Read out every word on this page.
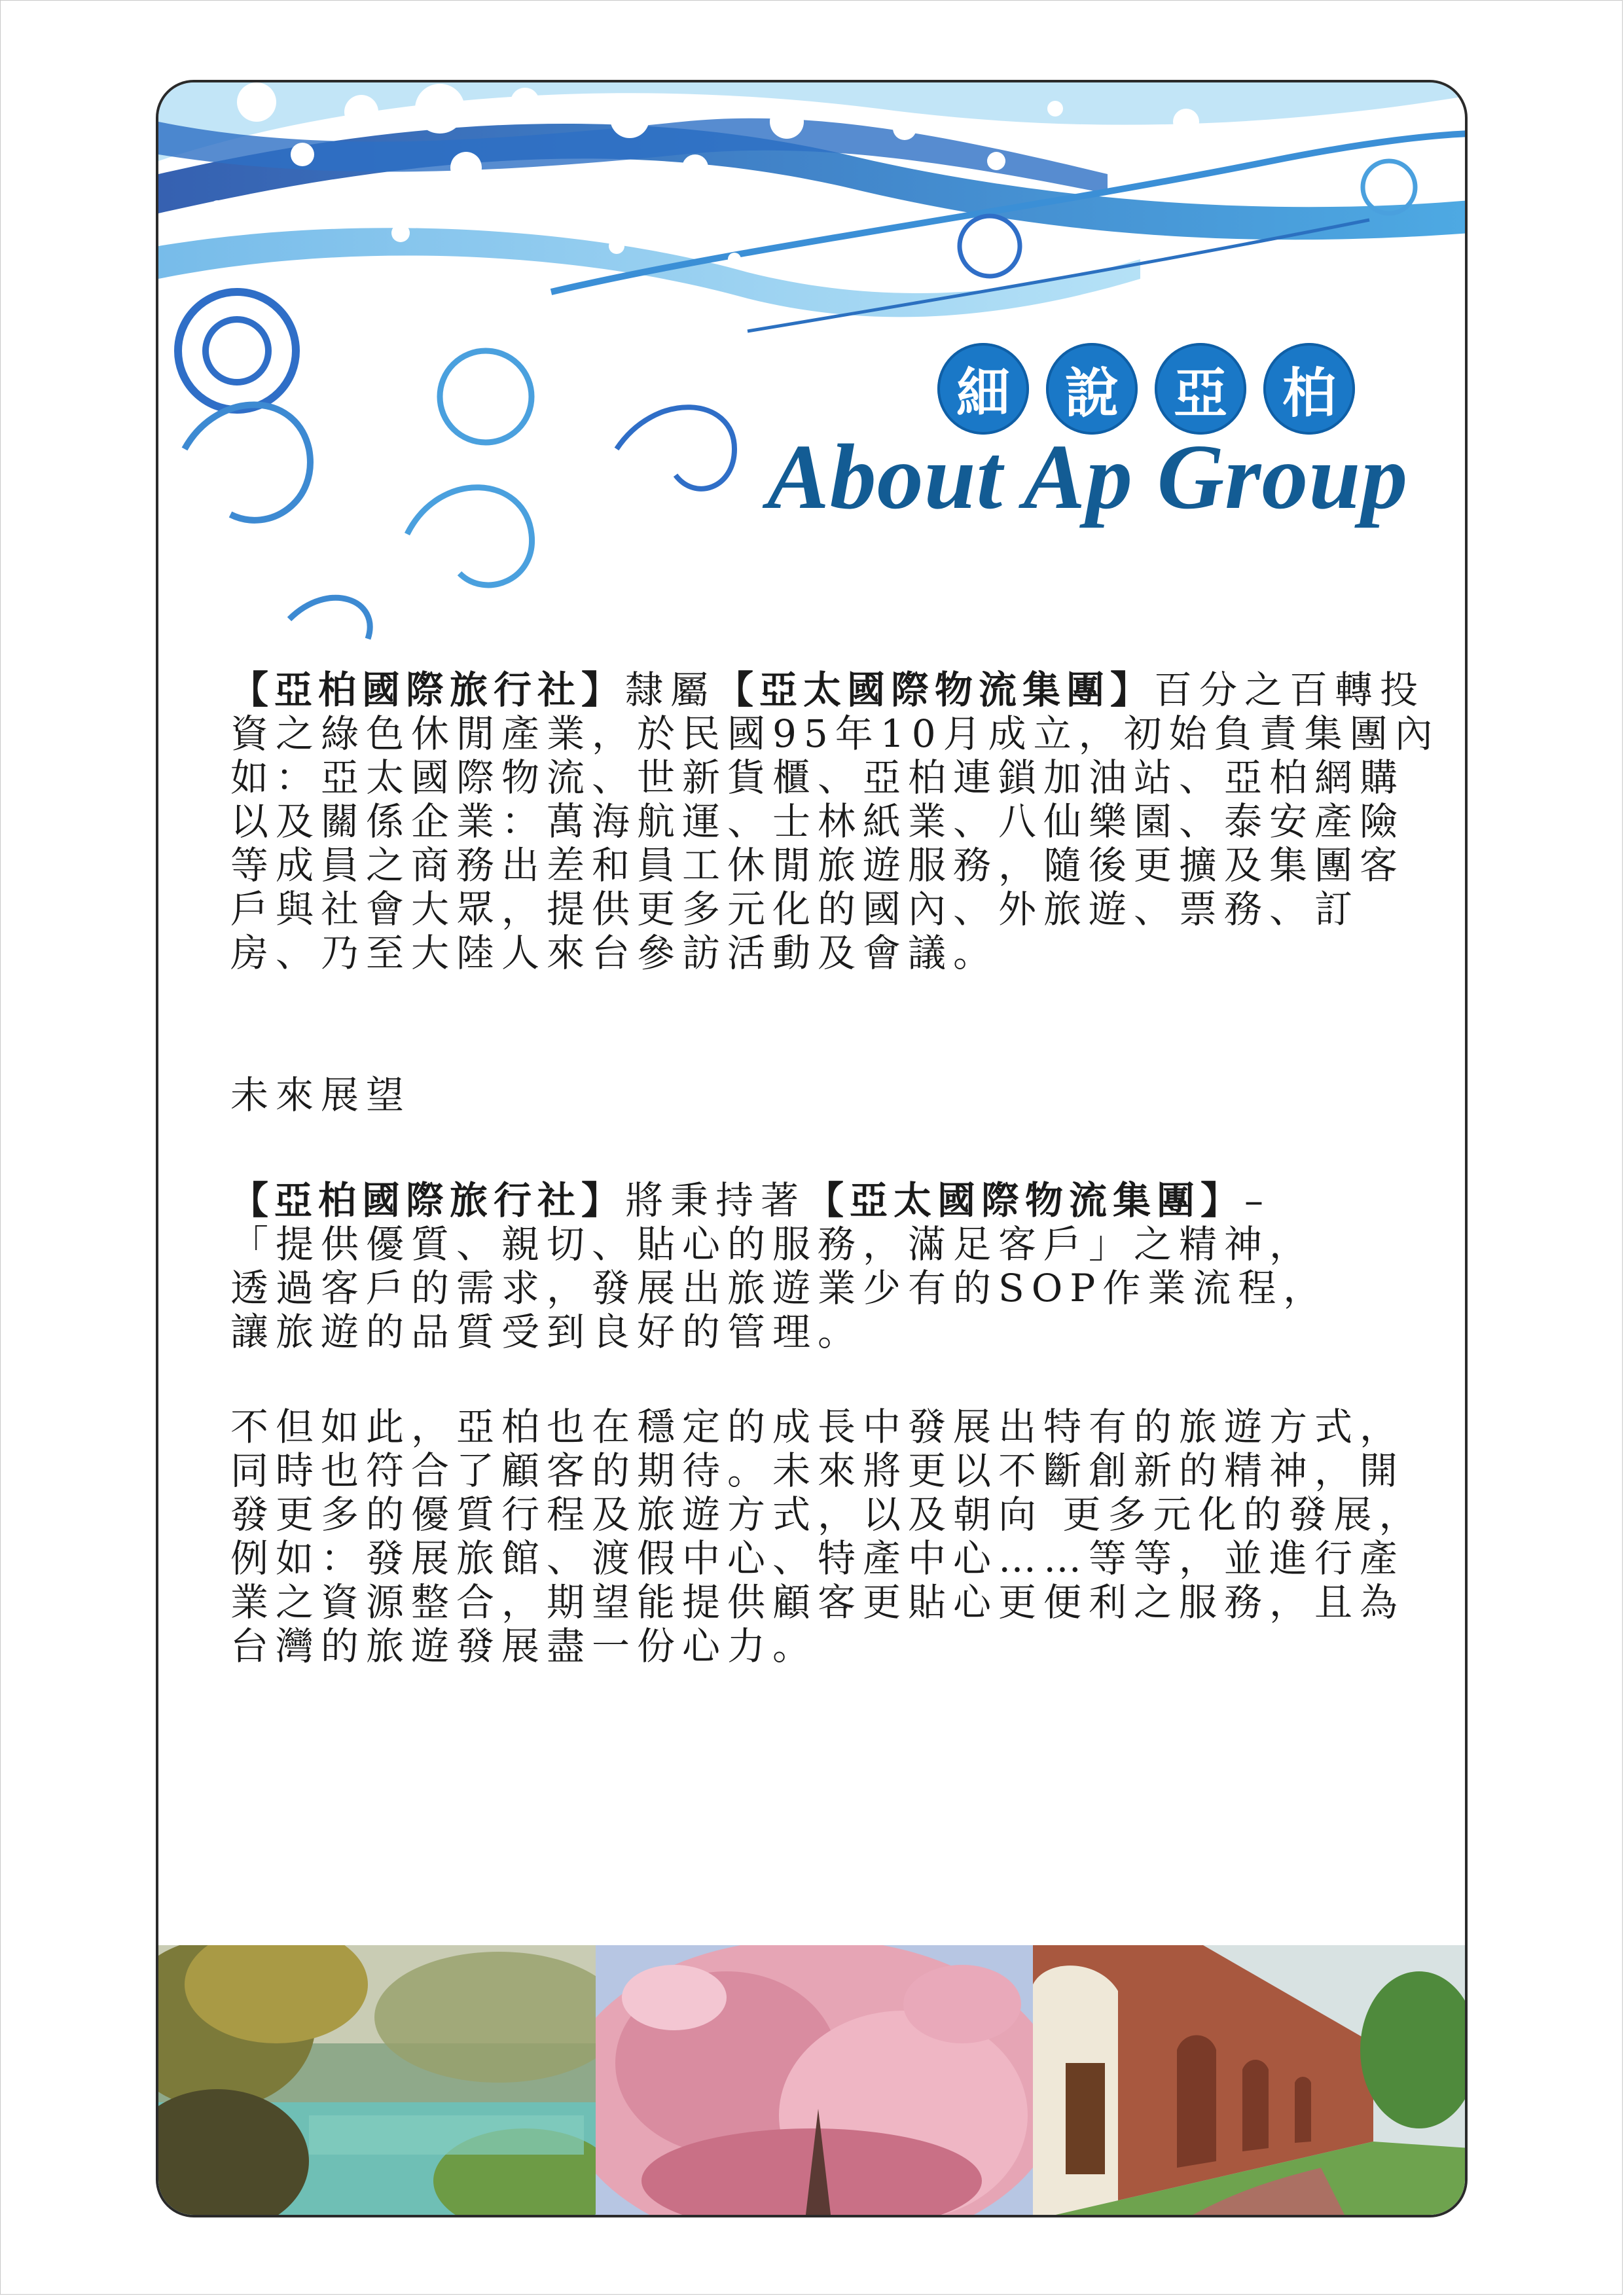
細	說	亞	柏
About Ap Group

【亞柏國際旅行社】隸屬【亞太國際物流集團】百分之百轉投資之綠色休閒產業，於民國95年10月成立，初始負責集團內如：亞太國際物流、世新貨櫃、亞柏連鎖加油站、亞柏網購以及關係企業：萬海航運、士林紙業、八仙樂園、泰安產險等成員之商務出差和員工休閒旅遊服務，隨後更擴及集團客戶與社會大眾，提供更多元化的國內、外旅遊、票務、訂房、乃至大陸人來台參訪活動及會議。

未來展望

【亞柏國際旅行社】將秉持著【亞太國際物流集團】–
「提供優質、親切、貼心的服務，滿足客戶」之精神，
透過客戶的需求，發展出旅遊業少有的SOP作業流程，
讓旅遊的品質受到良好的管理。

不但如此，亞柏也在穩定的成長中發展出特有的旅遊方式，同時也符合了顧客的期待。未來將更以不斷創新的精神，開發更多的優質行程及旅遊方式，以及朝向 更多元化的發展，例如：發展旅館、渡假中心、特產中心……等等，並進行產業之資源整合，期望能提供顧客更貼心更便利之服務，且為台灣的旅遊發展盡一份心力。
